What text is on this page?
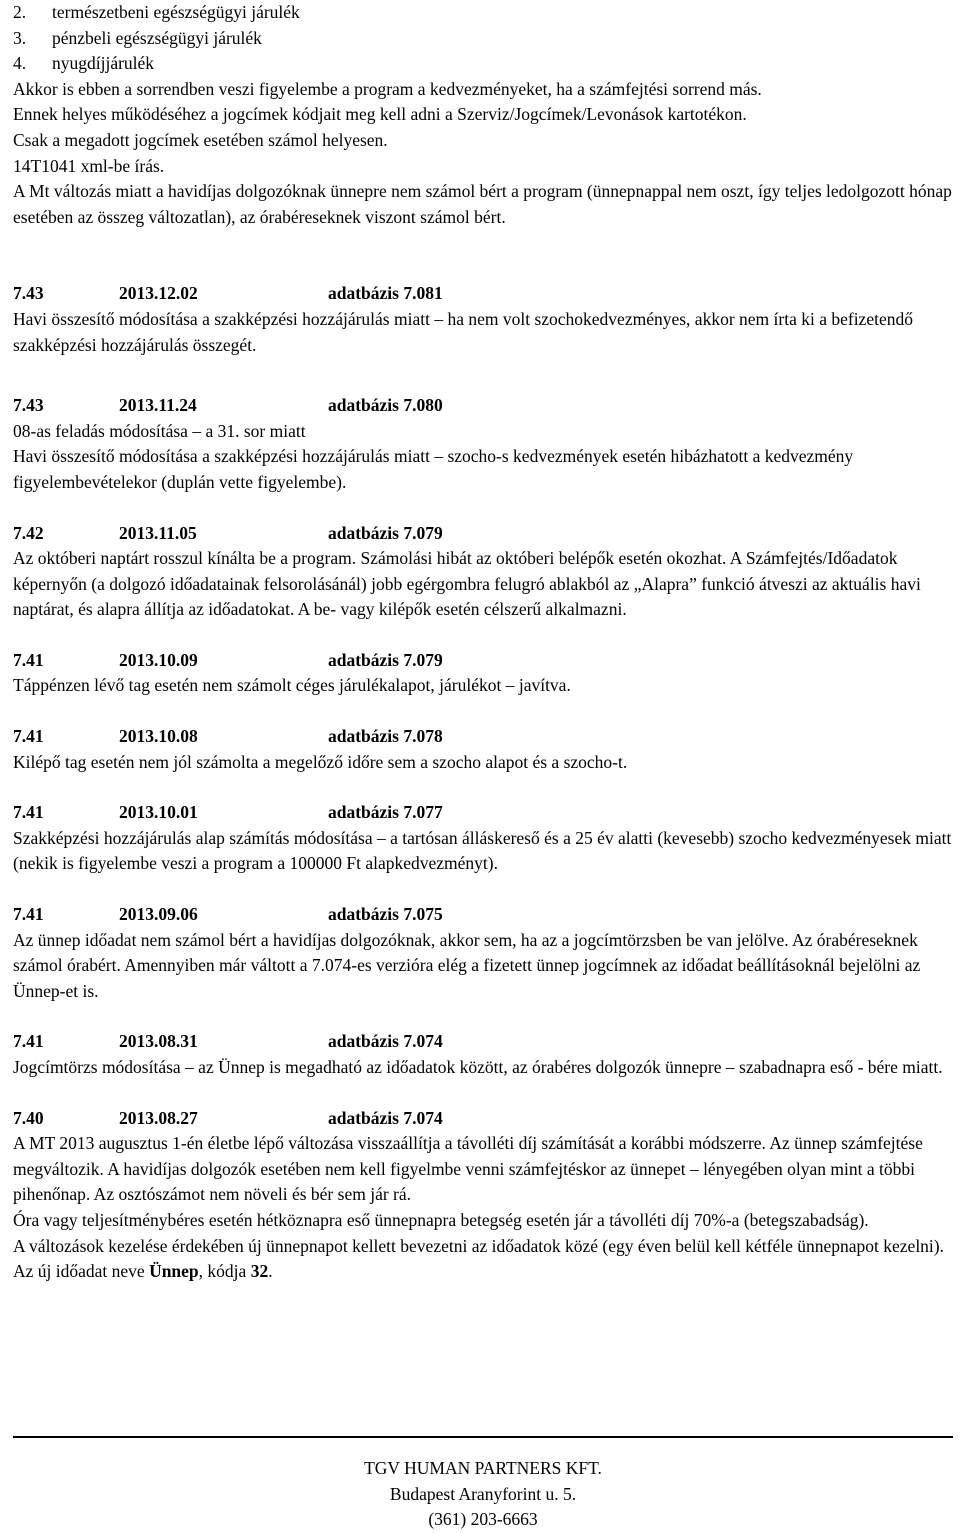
2. természetbeni egészségügyi járulék
3. pénzbeli egészségügyi járulék
4. nyugdíjjárulék

Akkor is ebben a sorrendben veszi figyelembe a program a kedvezményeket, ha a számfejtési sorrend más.

Ennek helyes működéséhez a jogcímek kódjait meg kell adni a Szerviz/Jogcímek/Levonások kartotékon.

Csak a megadott jogcímek esetében számol helyesen.

14T1041 xml-be írás.

A Mt változás miatt a havidíjas dolgozóknak ünnepre nem számol bért a program (ünnepnappal nem oszt, így teljes ledolgozott hónap esetében az összeg változatlan), az órabéreseknek viszont számol bért.

7.43	2013.12.02	adatbázis 7.081

Havi összesítő módosítása a szakképzési hozzájárulás miatt – ha nem volt szochokedvezményes, akkor nem írta ki a befizetendő szakképzési hozzájárulás összegét.

7.43	2013.11.24	adatbázis 7.080

08-as feladás módosítása – a 31. sor miatt

Havi összesítő módosítása a szakképzési hozzájárulás miatt – szocho-s kedvezmények esetén hibázhatott a kedvezmény figyelembevételekor (duplán vette figyelembe).

7.42	2013.11.05	adatbázis 7.079

Az októberi naptárt rosszul kínálta be a program. Számolási hibát az októberi belépők esetén okozhat. A Számfejtés/Időadatok képernyőn (a dolgozó időadatainak felsorolásánál) jobb egérgombra felugró ablakból az „Alapra” funkció átveszi az aktuális havi naptárat, és alapra állítja az időadatokat. A be- vagy kilépők esetén célszerű alkalmazni.

7.41	2013.10.09	adatbázis 7.079

Táppénzen lévő tag esetén nem számolt céges járulékalapot, járulékot – javítva.

7.41	2013.10.08	adatbázis 7.078

Kilépő tag esetén nem jól számolta a megelőző időre sem a szocho alapot és a szocho-t.

7.41	2013.10.01	adatbázis 7.077

Szakképzési hozzájárulás alap számítás módosítása – a tartósan álláskereső és a 25 év alatti (kevesebb) szocho kedvezményesek miatt (nekik is figyelembe veszi a program a 100000 Ft alapkedvezményt).

7.41	2013.09.06	adatbázis 7.075

Az ünnep időadat nem számol bért a havidíjas dolgozóknak, akkor sem, ha az a jogcímtörzsben be van jelölve. Az órabéreseknek számol órabért. Amennyiben már váltott a 7.074-es verzióra elég a fizetett ünnep jogcímnek az időadat beállításoknál bejelölni az Ünnep-et is.

7.41	2013.08.31	adatbázis 7.074

Jogcímtörzs módosítása – az Ünnep is megadható az időadatok között, az órabéres dolgozók ünnepre – szabadnapra eső - bére miatt.

7.40	2013.08.27	adatbázis 7.074

A MT 2013 augusztus 1-én életbe lépő változása visszaállítja a távolléti díj számítását a korábbi módszerre. Az ünnep számfejtése megváltozik. A havidíjas dolgozók esetében nem kell figyelmbe venni számfejtéskor az ünnepet – lényegében olyan mint a többi pihenőnap. Az osztószámot nem növeli és bér sem jár rá.

Óra vagy teljesítménybéres esetén hétköznapra eső ünnepnapra betegség esetén jár a távolléti díj 70%-a (betegszabadság).

A változások kezelése érdekében új ünnepnapot kellett bevezetni az időadatok közé (egy éven belül kell kétféle ünnepnapot kezelni). Az új időadat neve Ünnep, kódja 32.

TGV HUMAN PARTNERS KFT.
Budapest Aranyforint u. 5.
(361) 203-6663
